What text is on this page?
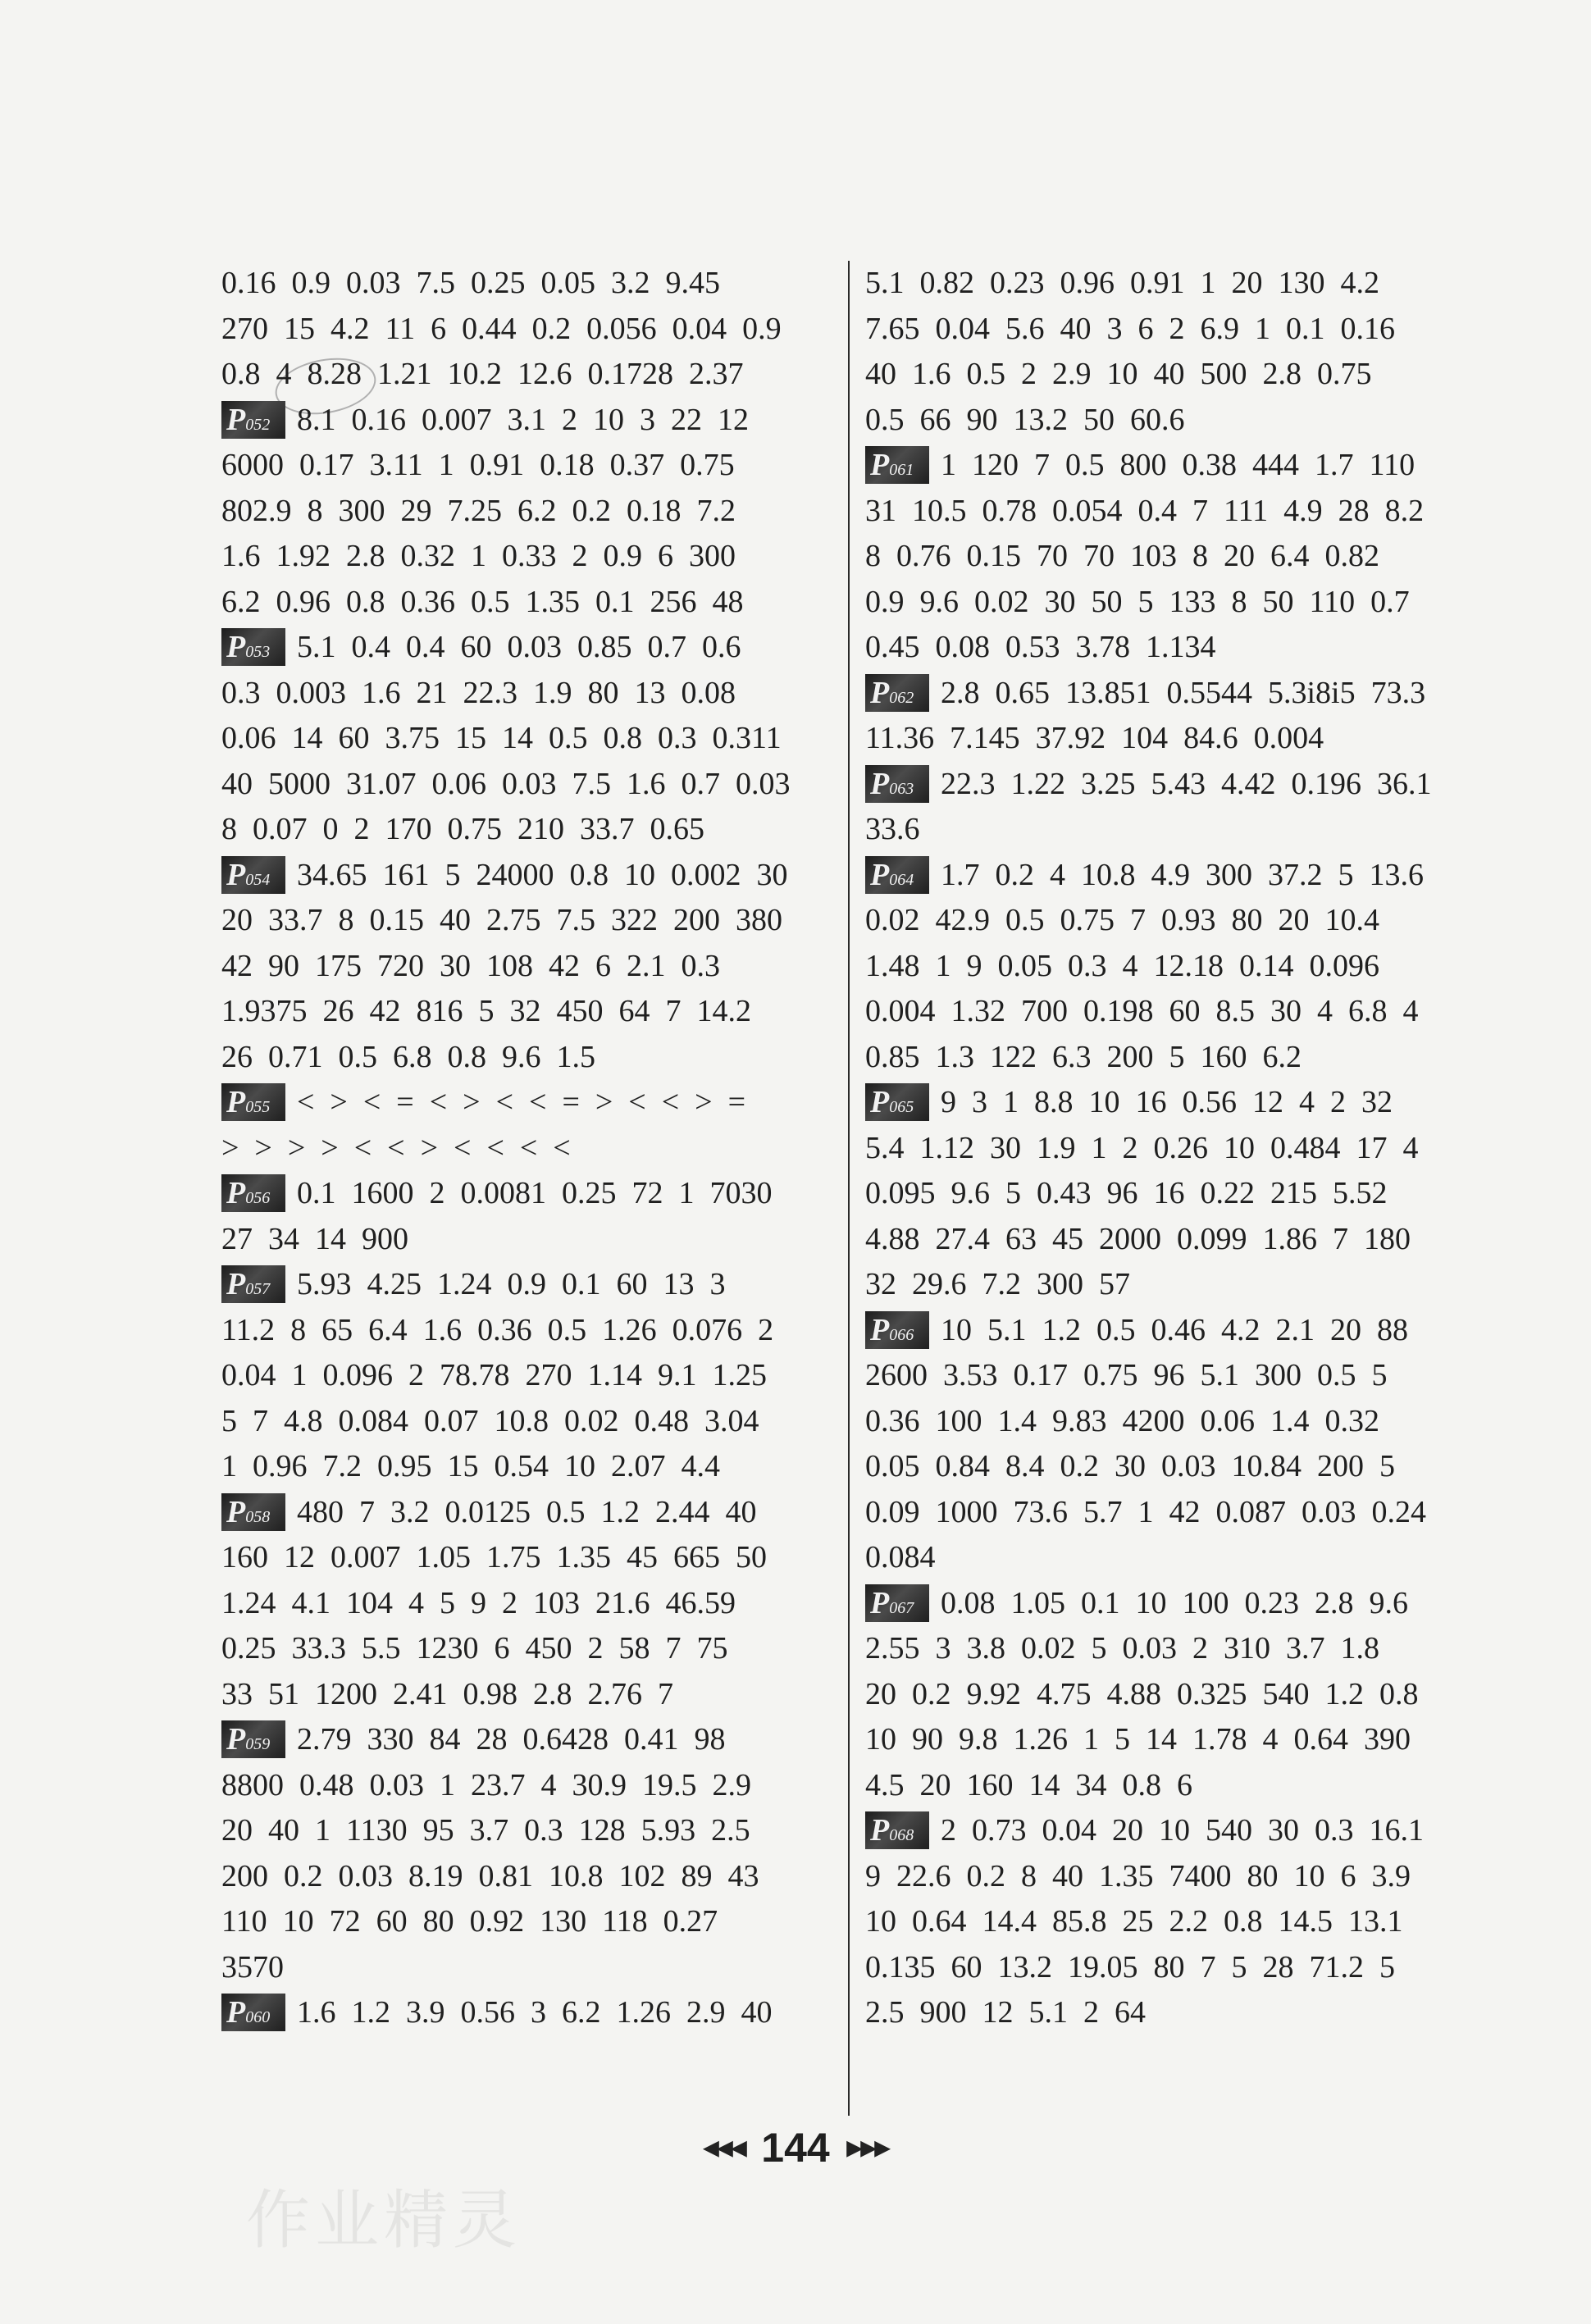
0.16  0.9  0.03  7.5  0.25  0.05  3.2  9.45
270  15  4.2  11  6  0.44  0.2  0.056  0.04  0.9
0.8  4  8.28  1.21  10.2  12.6  0.1728  2.37
P052 8.1  0.16  0.007  3.1  2  10  3  22  12
6000  0.17  3.11  1  0.91  0.18  0.37  0.75
802.9  8  300  29  7.25  6.2  0.2  0.18  7.2
1.6  1.92  2.8  0.32  1  0.33  2  0.9  6  300
6.2  0.96  0.8  0.36  0.5  1.35  0.1  256  48
P053 5.1  0.4  0.4  60  0.03  0.85  0.7  0.6
0.3  0.003  1.6  21  22.3  1.9  80  13  0.08
0.06  14  60  3.75  15  14  0.5  0.8  0.3  0.311
40  5000  31.07  0.06  0.03  7.5  1.6  0.7  0.03
8  0.07  0  2  170  0.75  210  33.7  0.65
P054 34.65  161  5  24000  0.8  10  0.002  30
20  33.7  8  0.15  40  2.75  7.5  322  200  380
42  90  175  720  30  108  42  6  2.1  0.3
1.9375  26  42  816  5  32  450  64  7  14.2
26  0.71  0.5  6.8  0.8  9.6  1.5
P055 <  >  <  =  <  >  <  <  =  >  <  <  >  =
>  >  >  >  <  <  >  <  <  <  <
P056 0.1  1600  2  0.0081  0.25  72  1  7030
27  34  14  900
P057 5.93  4.25  1.24  0.9  0.1  60  13  3
11.2  8  65  6.4  1.6  0.36  0.5  1.26  0.076  2
0.04  1  0.096  2  78.78  270  1.14  9.1  1.25
5  7  4.8  0.084  0.07  10.8  0.02  0.48  3.04
1  0.96  7.2  0.95  15  0.54  10  2.07  4.4
P058 480  7  3.2  0.0125  0.5  1.2  2.44  40
160  12  0.007  1.05  1.75  1.35  45  665  50
1.24  4.1  104  4  5  9  2  103  21.6  46.59
0.25  33.3  5.5  1230  6  450  2  58  7  75
33  51  1200  2.41  0.98  2.8  2.76  7
P059 2.79  330  84  28  0.6428  0.41  98
8800  0.48  0.03  1  23.7  4  30.9  19.5  2.9
20  40  1  1130  95  3.7  0.3  128  5.93  2.5
200  0.2  0.03  8.19  0.81  10.8  102  89  43
110  10  72  60  80  0.92  130  118  0.27
3570
P060 1.6  1.2  3.9  0.56  3  6.2  1.26  2.9  40
5.1  0.82  0.23  0.96  0.91  1  20  130  4.2
7.65  0.04  5.6  40  3  6  2  6.9  1  0.1  0.16
40  1.6  0.5  2  2.9  10  40  500  2.8  0.75
0.5  66  90  13.2  50  60.6
P061 1  120  7  0.5  800  0.38  444  1.7  110
31  10.5  0.78  0.054  0.4  7  111  4.9  28  8.2
8  0.76  0.15  70  70  103  8  20  6.4  0.82
0.9  9.6  0.02  30  50  5  133  8  50  110  0.7
0.45  0.08  0.53  3.78  1.134
P062 2.8  0.65  13.851  0.5544  5.3i8i5  73.3
11.36  7.145  37.92  104  84.6  0.004
P063 22.3  1.22  3.25  5.43  4.42  0.196  36.1
33.6
P064 1.7  0.2  4  10.8  4.9  300  37.2  5  13.6
0.02  42.9  0.5  0.75  7  0.93  80  20  10.4
1.48  1  9  0.05  0.3  4  12.18  0.14  0.096
0.004  1.32  700  0.198  60  8.5  30  4  6.8  4
0.85  1.3  122  6.3  200  5  160  6.2
P065 9  3  1  8.8  10  16  0.56  12  4  2  32
5.4  1.12  30  1.9  1  2  0.26  10  0.484  17  4
0.095  9.6  5  0.43  96  16  0.22  215  5.52
4.88  27.4  63  45  2000  0.099  1.86  7  180
32  29.6  7.2  300  57
P066 10  5.1  1.2  0.5  0.46  4.2  2.1  20  88
2600  3.53  0.17  0.75  96  5.1  300  0.5  5
0.36  100  1.4  9.83  4200  0.06  1.4  0.32
0.05  0.84  8.4  0.2  30  0.03  10.84  200  5
0.09  1000  73.6  5.7  1  42  0.087  0.03  0.24
0.084
P067 0.08  1.05  0.1  10  100  0.23  2.8  9.6
2.55  3  3.8  0.02  5  0.03  2  310  3.7  1.8
20  0.2  9.92  4.75  4.88  0.325  540  1.2  0.8
10  90  9.8  1.26  1  5  14  1.78  4  0.64  390
4.5  20  160  14  34  0.8  6
P068 2  0.73  0.04  20  10  540  30  0.3  16.1
9  22.6  0.2  8  40  1.35  7400  80  10  6  3.9
10  0.64  14.4  85.8  25  2.2  0.8  14.5  13.1
0.135  60  13.2  19.05  80  7  5  28  71.2  5
2.5  900  12  5.1  2  64
◀◀◀ 144 ▶▶▶
作业精灵
